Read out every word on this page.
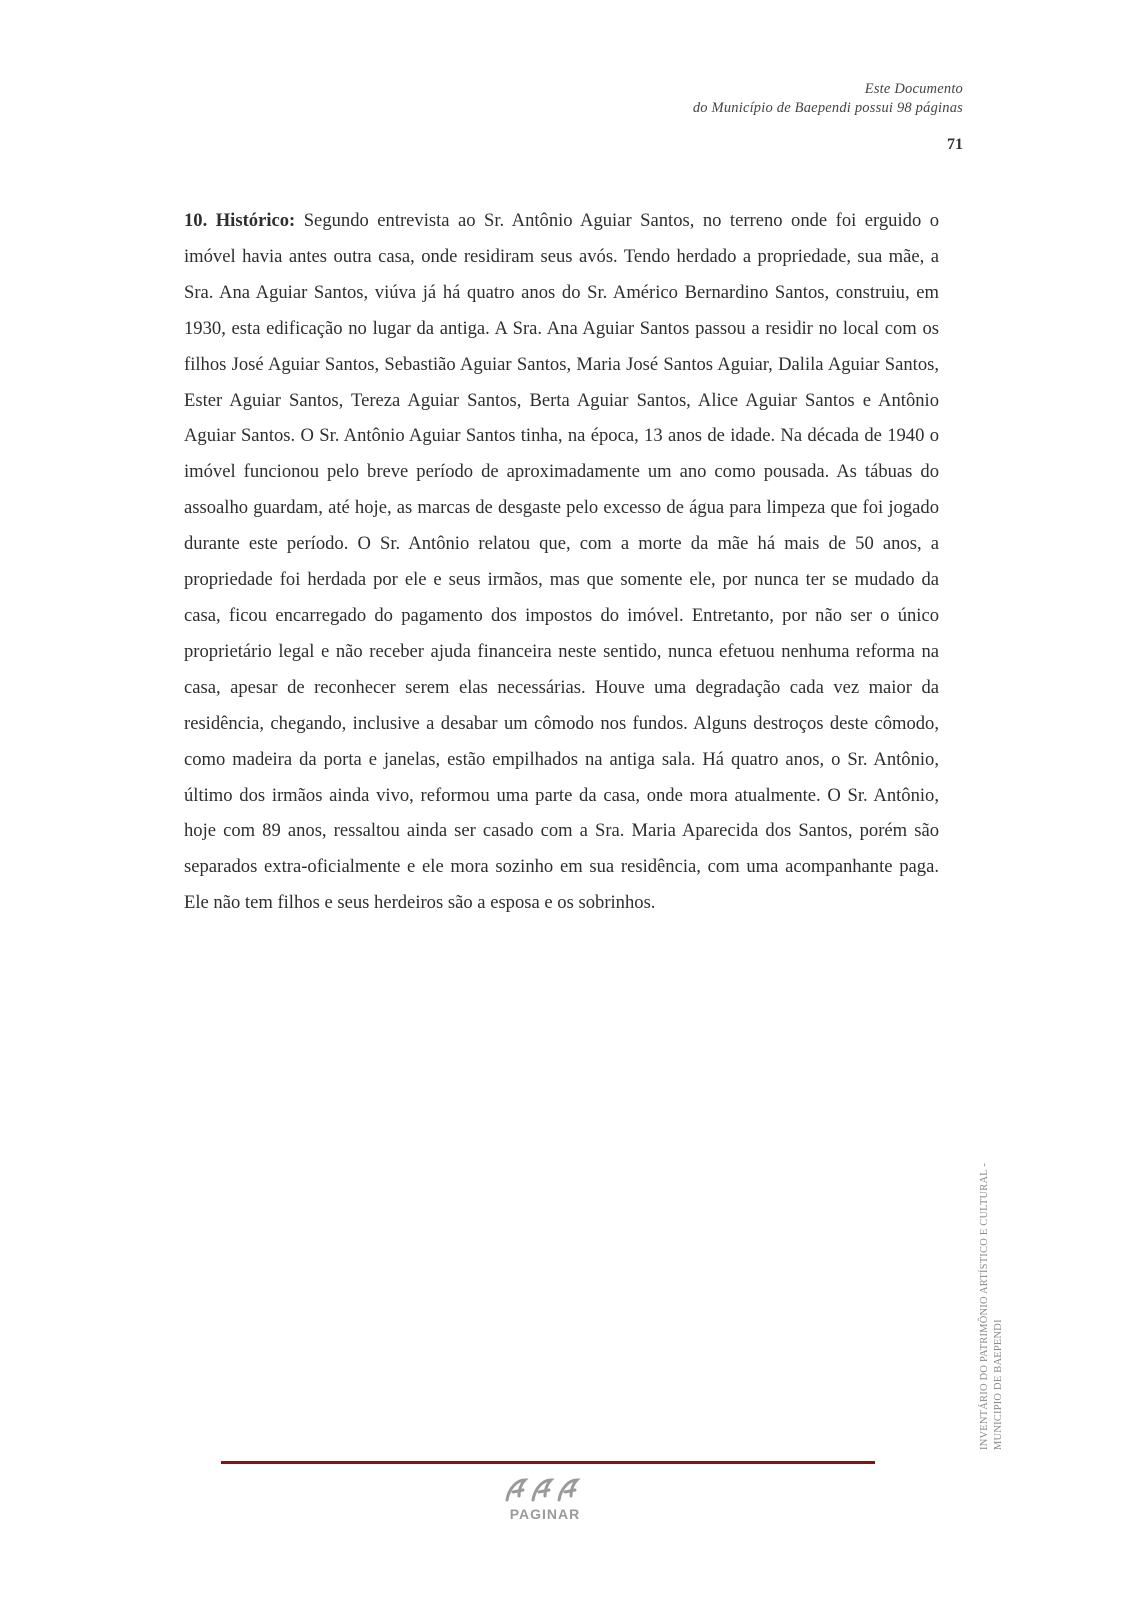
Este Documento
do Município de Baependi possui 98 páginas
71
10. Histórico: Segundo entrevista ao Sr. Antônio Aguiar Santos, no terreno onde foi erguido o imóvel havia antes outra casa, onde residiram seus avós. Tendo herdado a propriedade, sua mãe, a Sra. Ana Aguiar Santos, viúva já há quatro anos do Sr. Américo Bernardino Santos, construiu, em 1930, esta edificação no lugar da antiga. A Sra. Ana Aguiar Santos passou a residir no local com os filhos José Aguiar Santos, Sebastião Aguiar Santos, Maria José Santos Aguiar, Dalila Aguiar Santos, Ester Aguiar Santos, Tereza Aguiar Santos, Berta Aguiar Santos, Alice Aguiar Santos e Antônio Aguiar Santos. O Sr. Antônio Aguiar Santos tinha, na época, 13 anos de idade. Na década de 1940 o imóvel funcionou pelo breve período de aproximadamente um ano como pousada. As tábuas do assoalho guardam, até hoje, as marcas de desgaste pelo excesso de água para limpeza que foi jogado durante este período. O Sr. Antônio relatou que, com a morte da mãe há mais de 50 anos, a propriedade foi herdada por ele e seus irmãos, mas que somente ele, por nunca ter se mudado da casa, ficou encarregado do pagamento dos impostos do imóvel. Entretanto, por não ser o único proprietário legal e não receber ajuda financeira neste sentido, nunca efetuou nenhuma reforma na casa, apesar de reconhecer serem elas necessárias. Houve uma degradação cada vez maior da residência, chegando, inclusive a desabar um cômodo nos fundos. Alguns destroços deste cômodo, como madeira da porta e janelas, estão empilhados na antiga sala. Há quatro anos, o Sr. Antônio, último dos irmãos ainda vivo, reformou uma parte da casa, onde mora atualmente. O Sr. Antônio, hoje com 89 anos, ressaltou ainda ser casado com a Sra. Maria Aparecida dos Santos, porém são separados extra-oficialmente e ele mora sozinho em sua residência, com uma acompanhante paga. Ele não tem filhos e seus herdeiros são a esposa e os sobrinhos.
INVENTÁRIO DO PATRIMÔNIO ARTÍSTICO E CULTURAL - MUNICIPIO DE BAEPENDI
PAGINAR
